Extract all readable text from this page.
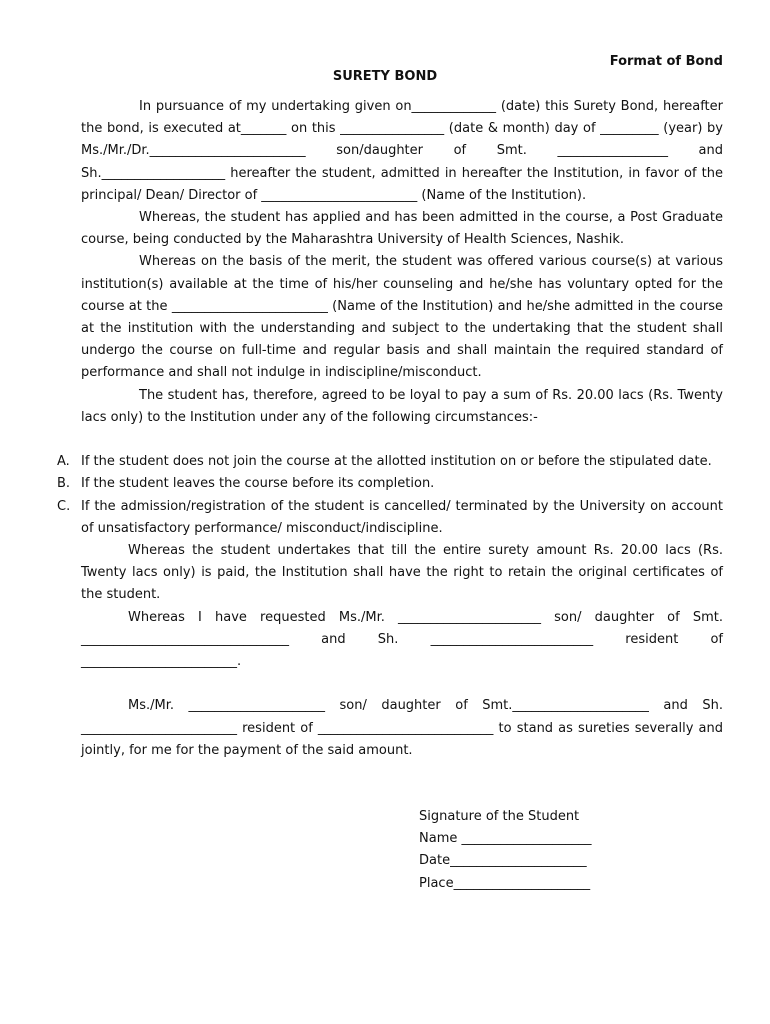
Format of Bond
SURETY BOND

In pursuance of my undertaking given on_____________ (date) this Surety Bond, hereafter the bond, is executed at_______ on this ________________ (date & month) day of _________ (year) by Ms./Mr./Dr.________________________ son/daughter of Smt. _________________ and Sh.___________________ hereafter the student, admitted in hereafter the Institution, in favor of the principal/ Dean/ Director of ________________________ (Name of the Institution).

Whereas, the student has applied and has been admitted in the course, a Post Graduate course, being conducted by the Maharashtra University of Health Sciences, Nashik.

Whereas on the basis of the merit, the student was offered various course(s) at various institution(s) available at the time of his/her counseling and he/she has voluntary opted for the course at the ________________________ (Name of the Institution) and he/she admitted in the course at the institution with the understanding and subject to the undertaking that the student shall undergo the course on full-time and regular basis and shall maintain the required standard of performance and shall not indulge in indiscipline/misconduct.

The student has, therefore, agreed to be loyal to pay a sum of Rs. 20.00 lacs (Rs. Twenty lacs only) to the Institution under any of the following circumstances:-

A. If the student does not join the course at the allotted institution on or before the stipulated date.

B. If the student leaves the course before its completion.

C. If the admission/registration of the student is cancelled/ terminated by the University on account of unsatisfactory performance/ misconduct/indiscipline.

Whereas the student undertakes that till the entire surety amount Rs. 20.00 lacs (Rs. Twenty lacs only) is paid, the Institution shall have the right to retain the original certificates of the student.

Whereas I have requested Ms./Mr. ______________________ son/ daughter of Smt. ________________________________ and Sh. _________________________ resident of ________________________.

Ms./Mr. _____________________ son/ daughter of Smt._____________________ and Sh. ________________________ resident of ___________________________ to stand as sureties severally and jointly, for me for the payment of the said amount.

Signature of the Student
Name ____________________
Date_____________________
Place_____________________
